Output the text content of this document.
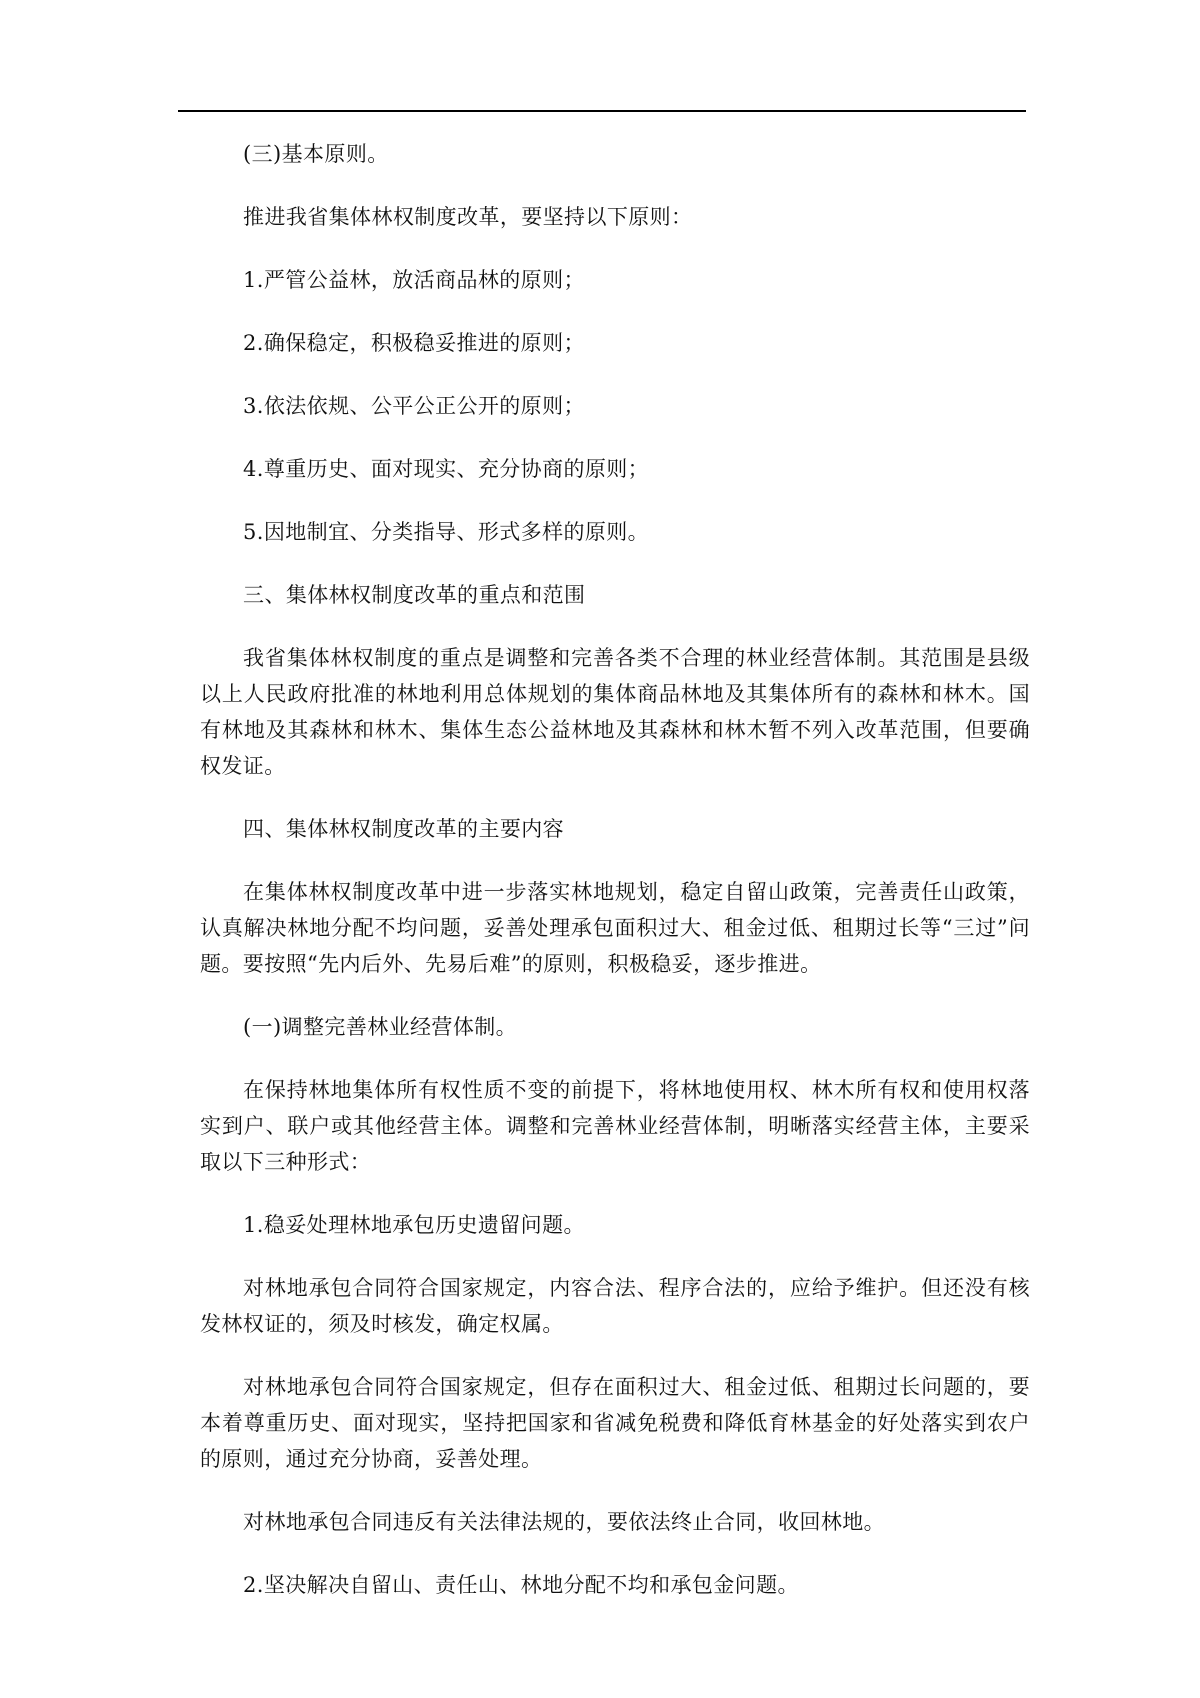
(三)基本原则。

推进我省集体林权制度改革，要坚持以下原则：

1.严管公益林，放活商品林的原则；

2.确保稳定，积极稳妥推进的原则；

3.依法依规、公平公正公开的原则；

4.尊重历史、面对现实、充分协商的原则；

5.因地制宜、分类指导、形式多样的原则。

三、集体林权制度改革的重点和范围

我省集体林权制度的重点是调整和完善各类不合理的林业经营体制。其范围是县级以上人民政府批准的林地利用总体规划的集体商品林地及其集体所有的森林和林木。国有林地及其森林和林木、集体生态公益林地及其森林和林木暂不列入改革范围，但要确权发证。

四、集体林权制度改革的主要内容

在集体林权制度改革中进一步落实林地规划，稳定自留山政策，完善责任山政策，认真解决林地分配不均问题，妥善处理承包面积过大、租金过低、租期过长等“三过”问题。要按照“先内后外、先易后难”的原则，积极稳妥，逐步推进。

(一)调整完善林业经营体制。

在保持林地集体所有权性质不变的前提下，将林地使用权、林木所有权和使用权落实到户、联户或其他经营主体。调整和完善林业经营体制，明晰落实经营主体，主要采取以下三种形式：

1.稳妥处理林地承包历史遗留问题。

对林地承包合同符合国家规定，内容合法、程序合法的，应给予维护。但还没有核发林权证的，须及时核发，确定权属。

对林地承包合同符合国家规定，但存在面积过大、租金过低、租期过长问题的，要本着尊重历史、面对现实，坚持把国家和省减免税费和降低育林基金的好处落实到农户的原则，通过充分协商，妥善处理。

对林地承包合同违反有关法律法规的，要依法终止合同，收回林地。

2.坚决解决自留山、责任山、林地分配不均和承包金问题。
